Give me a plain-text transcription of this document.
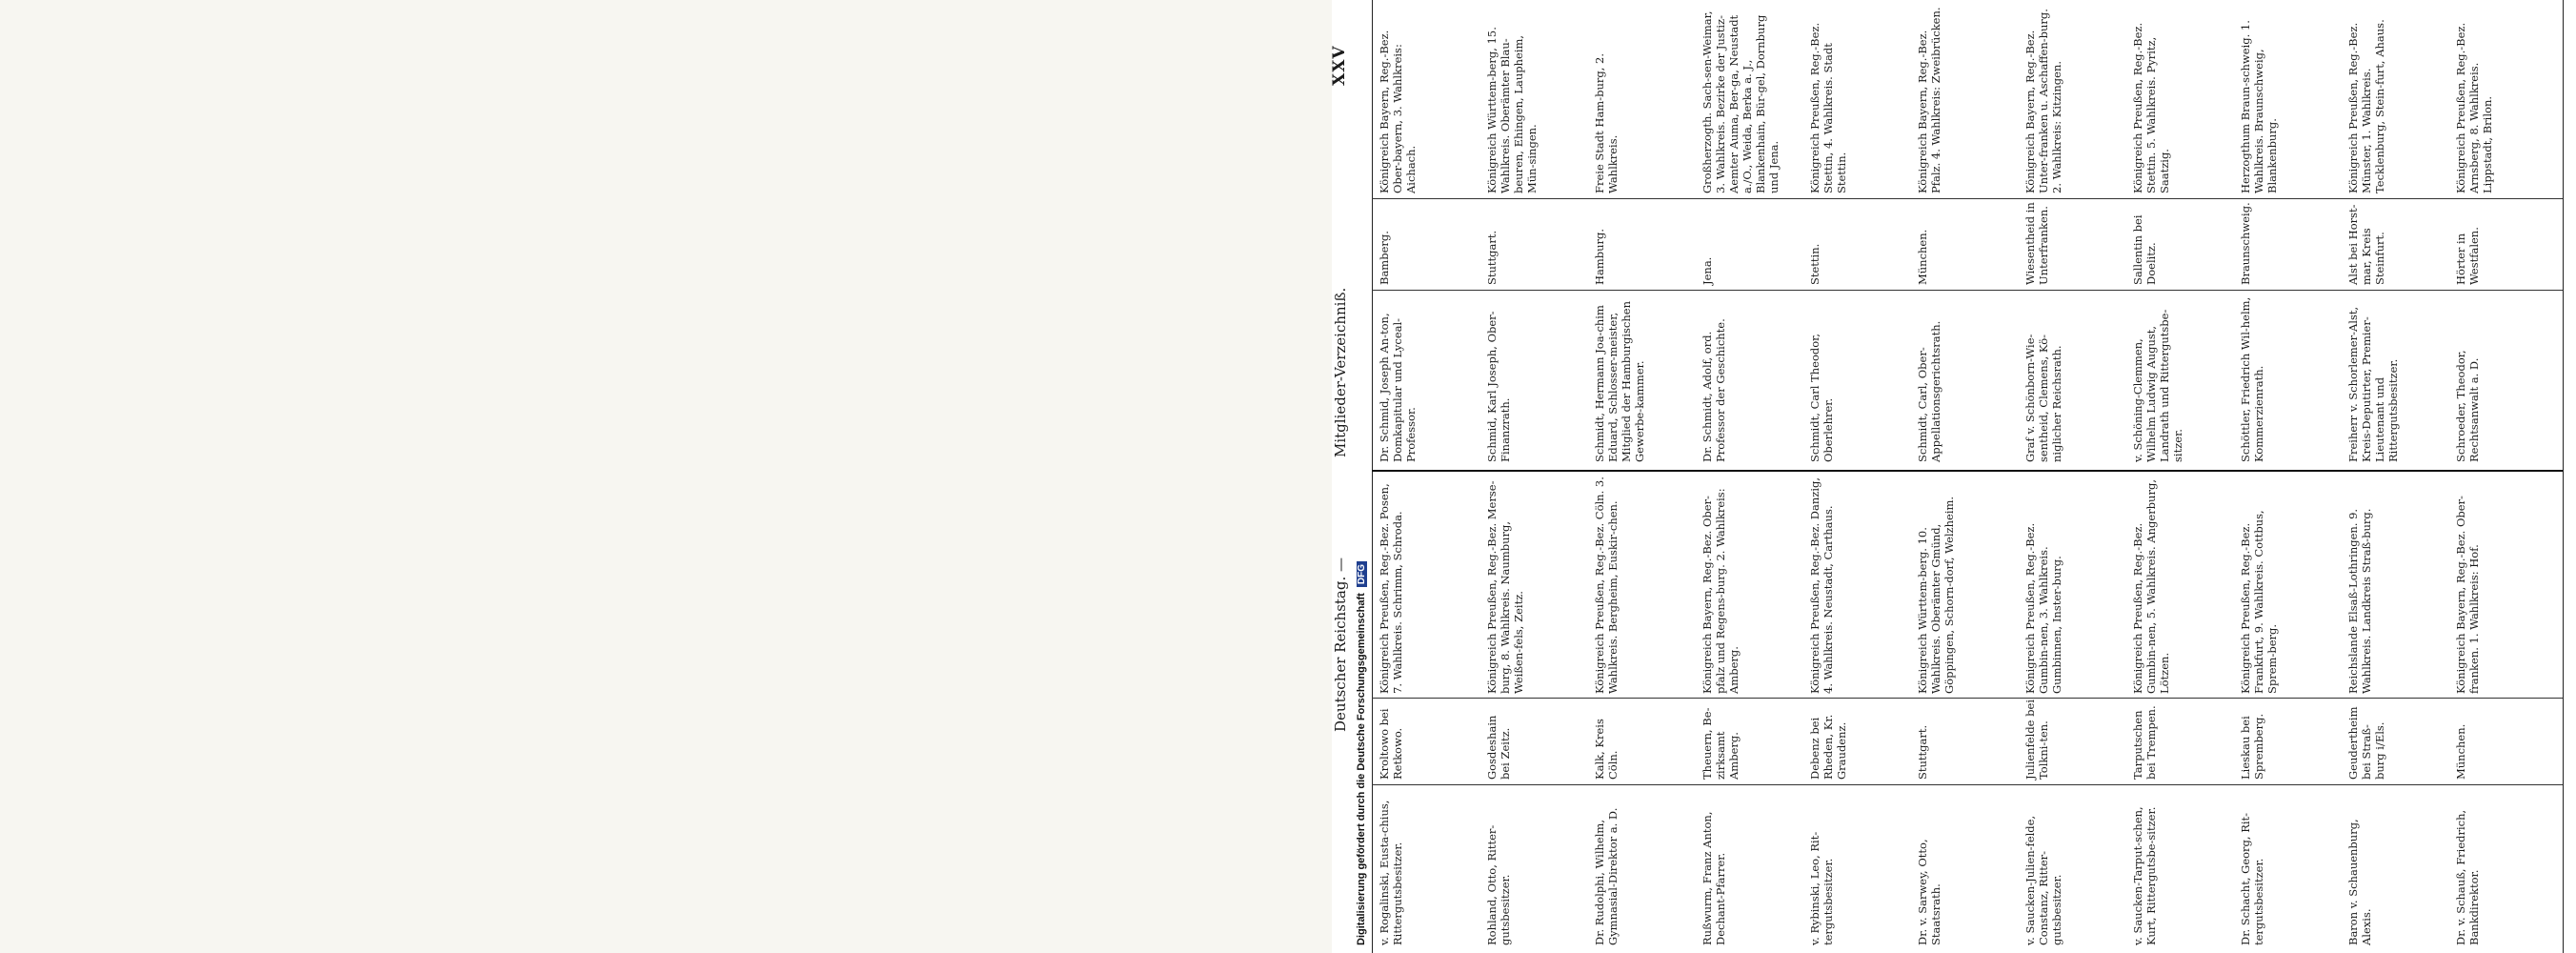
Digitalisierung gefördert durch die Deutsche Forschungsgemeinschaft DFG
Deutscher Reichstag. —
Mitglieder-Verzeichniß.
XXV
v. Rogalinski, Eusta-chius, Rittergutsbesitzer.
Kroltowo bei Retkowo.
Königreich Preußen, Reg.-Bez. Posen, 7. Wahlkreis. Schrimm, Schroda.
Rohland, Otto, Ritter-gutsbesitzer.
Gosdeshain bei Zeitz.
Königreich Preußen, Reg.-Bez. Merse-burg, 8. Wahlkreis. Naumburg, Weißen-fels, Zeitz.
Dr. Rudolphi, Wilhelm, Gymnasial-Direktor a. D.
Kalk, Kreis Cöln.
Königreich Preußen, Reg.-Bez. Cöln. 3. Wahlkreis. Bergheim, Euskir-chen.
Rußwurm, Franz Anton, Dechant-Pfarrer.
Theuern, Be-zirksamt Amberg.
Königreich Bayern, Reg.-Bez. Ober-pfalz und Regens-burg. 2. Wahlkreis: Amberg.
v. Rybinski, Leo, Rit-tergutsbesitzer.
Debenz bei Rheden, Kr. Graudenz.
Königreich Preußen, Reg.-Bez. Danzig, 4. Wahlkreis. Neustadt, Carthaus.
Dr. v. Sarwey, Otto, Staatsrath.
Stuttgart.
Königreich Württem-berg. 10. Wahlkreis. Oberämter Gmünd, Göppingen, Schorn-dorf, Welzheim.
v. Saucken-Julien-felde, Constanz, Ritter-gutsbesitzer.
Julienfelde bei Tolkni-ten.
Königreich Preußen, Reg.-Bez. Gumbin-nen, 3. Wahlkreis. Gumbinnen, Inster-burg.
v. Saucken-Tarput-schen, Kurt, Rittergutsbe-sitzer.
Tarputschen bei Trempen.
Königreich Preußen, Reg.-Bez. Gumbin-nen, 5. Wahlkreis. Angerburg, Lötzen.
Dr. Schacht, Georg, Rit-tergutsbesitzer.
Lieskau bei Spremberg.
Königreich Preußen, Reg.-Bez. Frankfurt, 9. Wahlkreis. Cottbus, Sprem-berg.
Baron v. Schauenburg, Alexis.
Geudertheim bei Straß-burg i/Els.
Reichslande Elsaß-Lothringen. 9. Wahlkreis. Landkreis Straß-burg.
Dr. v. Schauß, Friedrich, Bankdirektor.
München.
Königreich Bayern, Reg.-Bez. Ober-franken. 1. Wahlkreis: Hof.
Dr. Schmid, Joseph An-ton, Domkapitular und Lyceal-Professor.
Bamberg.
Königreich Bayern, Reg.-Bez. Ober-bayern, 3. Wahlkreis: Aichach.
Schmid, Karl Joseph, Ober-Finanzrath.
Stuttgart.
Königreich Württem-berg, 15. Wahlkreis. Oberämter Blau-beuren, Ehingen, Laupheim, Mün-singen.
Schmidt, Hermann Joa-chim Eduard, Schlosser-meister, Mitglied der Hamburgischen Gewerbe-kammer.
Hamburg.
Freie Stadt Ham-burg, 2. Wahlkreis.
Dr. Schmidt, Adolf, ord. Professor der Geschichte.
Jena.
Großherzogth. Sach-sen-Weimar, 3. Wahlkreis. Bezirke der Justiz-Aemter Auma, Ber-ga, Neustadt a./O., Weida, Berka a. J., Blankenhain, Bür-gel, Dornburg und Jena.
Schmidt, Carl Theodor, Oberlehrer.
Stettin.
Königreich Preußen, Reg.-Bez. Stettin, 4. Wahlkreis. Stadt Stettin.
Schmidt, Carl, Ober-Appellationsgerichtsrath.
München.
Königreich Bayern, Reg.-Bez. Pfalz. 4. Wahlkreis: Zweibrücken.
Graf v. Schönborn-Wie-sentheid, Clemens, Kö-niglicher Reichsrath.
Wiesentheid in Unterfranken.
Königreich Bayern, Reg.-Bez. Unter-franken u. Aschaffen-burg. 2. Wahlkreis: Kitzingen.
v. Schöning-Clemmen, Wilhelm Ludwig August, Landrath und Rittergutsbe-sitzer.
Sallentin bei Doelitz.
Königreich Preußen, Reg.-Bez. Stettin. 5. Wahlkreis. Pyritz, Saatzig.
Schöttler, Friedrich Wil-helm, Kommerzienrath.
Braunschweig.
Herzogthum Braun-schweig. 1. Wahlkreis. Braunschweig, Blankenburg.
Freiherr v. Schorlemer-Alst, Kreis-Deputirter, Premier-Lieutenant und Rittergutsbesitzer.
Alst bei Horst-mar, Kreis Steinfurt.
Königreich Preußen, Reg.-Bez. Münster, 1. Wahlkreis. Tecklenburg, Stein-furt, Ahaus.
Schroeder, Theodor, Rechtsanwalt a. D.
Hörter in Westfalen.
Königreich Preußen, Reg.-Bez. Arnsberg, 8. Wahlkreis. Lippstadt, Brilon.
